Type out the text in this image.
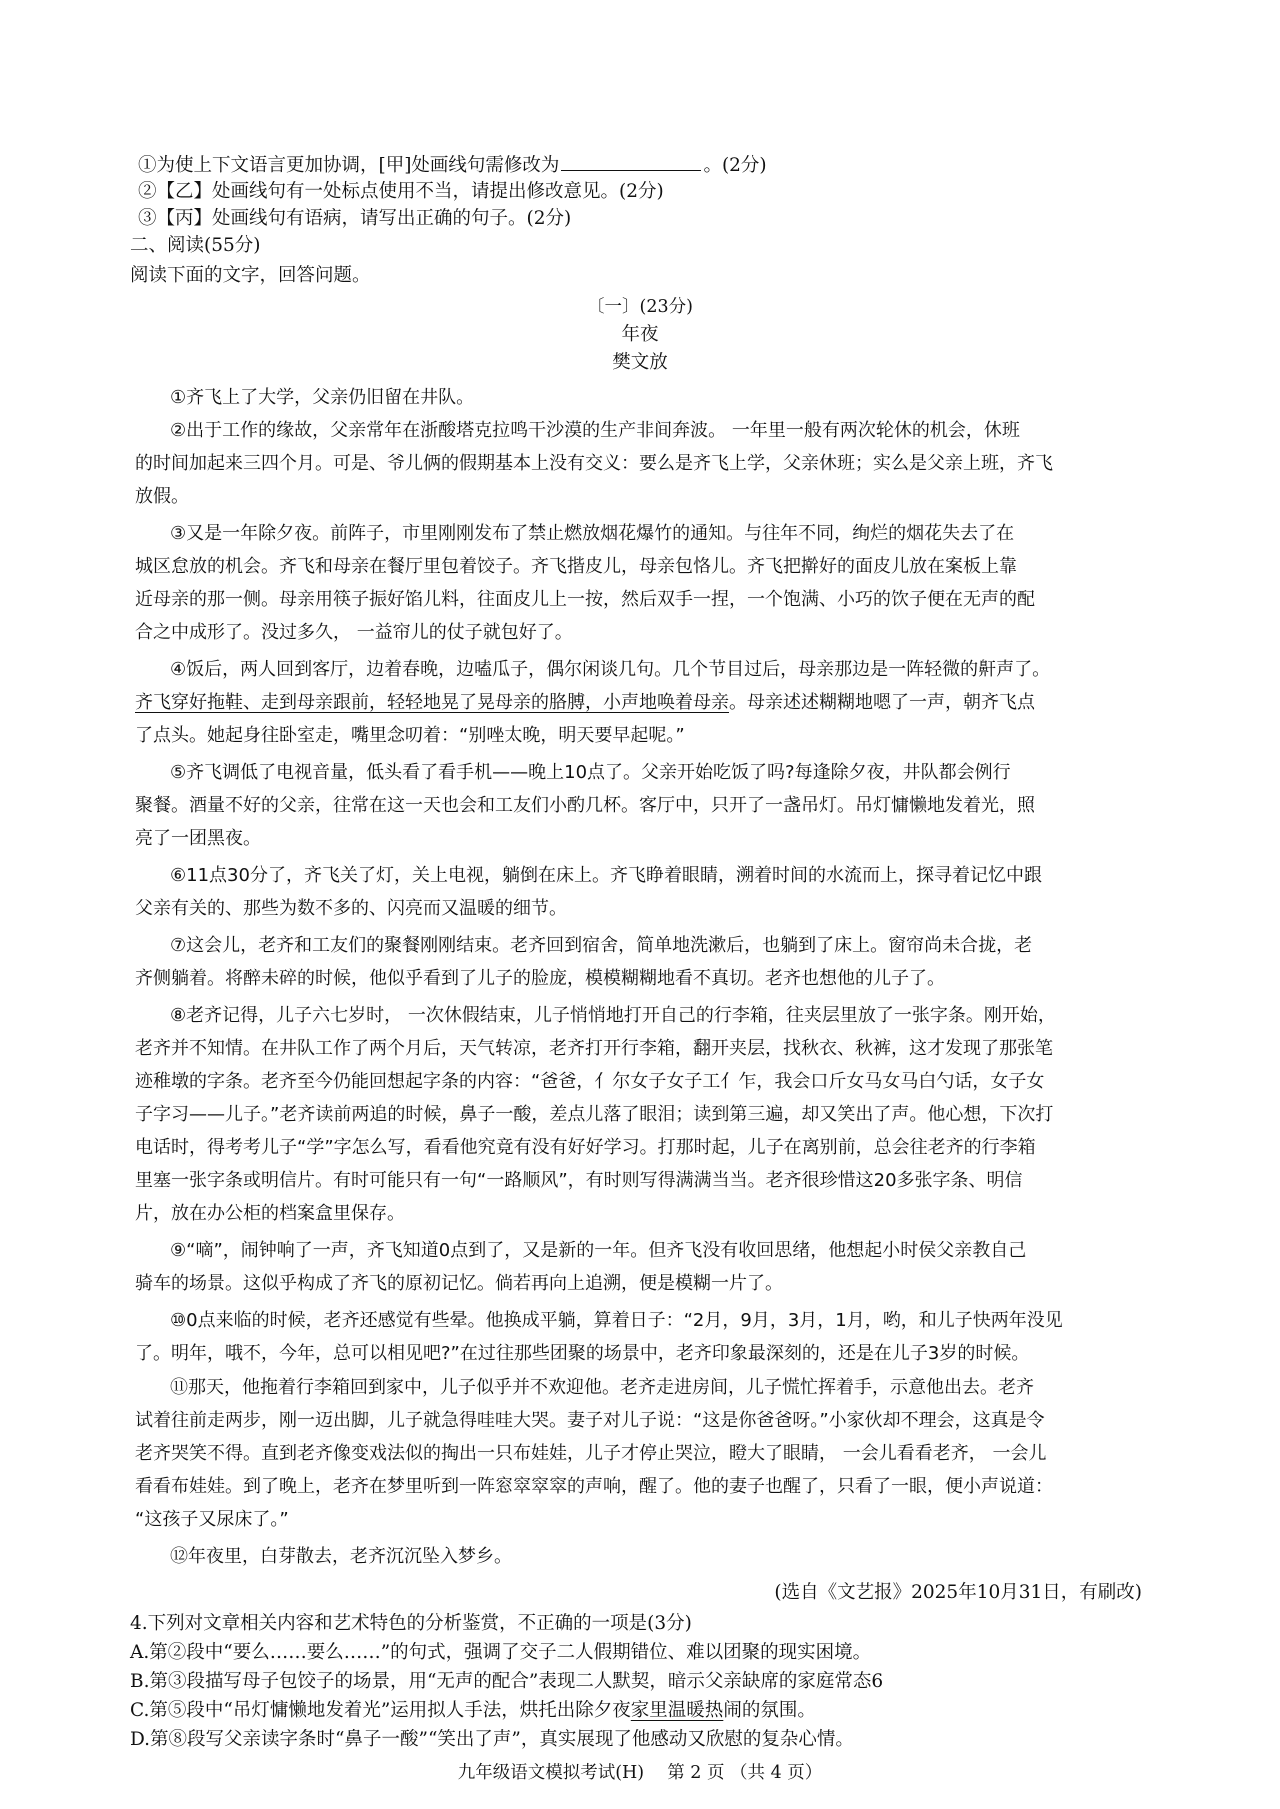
①为使上下文语言更加协调，[甲]处画线句需修改为	。(2分)
②【乙】处画线句有一处标点使用不当，请提出修改意见。(2分)
③【丙】处画线句有语病，请写出正确的句子。(2分)
二、阅读(55分)
阅读下面的文字，回答问题。
〔一〕(23分)
年夜
樊文放
①齐飞上了大学，父亲仍旧留在井队。
②出于工作的缘故，父亲常年在浙酸塔克拉鸣干沙漠的生产非间奔波。 一年里一般有两次轮休的机会，休班
的时间加起来三四个月。可是、爷儿俩的假期基本上没有交义：要么是齐飞上学，父亲休班；实么是父亲上班，齐飞
放假。
③又是一年除夕夜。前阵子，市里刚刚发布了禁止燃放烟花爆竹的通知。与往年不同，绚烂的烟花失去了在
城区怠放的机会。齐飞和母亲在餐厅里包着饺子。齐飞揩皮儿，母亲包恪儿。齐飞把擀好的面皮儿放在案板上靠
近母亲的那一侧。母亲用筷子振好馅儿料，往面皮儿上一按，然后双手一捏，一个饱满、小巧的饮子便在无声的配
合之中成形了。没过多久， 一益帘儿的仗子就包好了。
④饭后，两人回到客厅，边着春晚，边嗑瓜子，偶尔闲谈几句。几个节目过后，母亲那边是一阵轻微的鼾声了。
齐飞穿好拖鞋、走到母亲跟前，轻轻地晃了晃母亲的胳膊，小声地唤着母亲。母亲述述糊糊地嗯了一声，朝齐飞点
了点头。她起身往卧室走，嘴里念叨着：“别唑太晚，明天要早起呢。”
⑤齐飞调低了电视音量，低头看了看手机——晚上10点了。父亲开始吃饭了吗?每逢除夕夜，井队都会例行
聚餐。酒量不好的父亲，往常在这一天也会和工友们小酌几杯。客厅中，只开了一盏吊灯。吊灯慵懒地发着光，照
亮了一团黑夜。
⑥11点30分了，齐飞关了灯，关上电视，躺倒在床上。齐飞睁着眼睛，溯着时间的水流而上，探寻着记忆中跟
父亲有关的、那些为数不多的、闪亮而又温暖的细节。
⑦这会儿，老齐和工友们的聚餐刚刚结束。老齐回到宿舍，简单地洗漱后，也躺到了床上。窗帘尚未合拢，老
齐侧躺着。将醉未碎的时候，他似乎看到了儿子的脸庞，模模糊糊地看不真切。老齐也想他的儿子了。
⑧老齐记得，儿子六七岁时， 一次休假结束，儿子悄悄地打开自己的行李箱，往夹层里放了一张字条。刚开始，
老齐并不知情。在井队工作了两个月后，天气转凉，老齐打开行李箱，翻开夹层，找秋衣、秋裤，这才发现了那张笔
迹稚墩的字条。老齐至今仍能回想起字条的内容：“爸爸，亻尔女子女子工亻乍，我会口斤女马女马白勺话，女子女
子字习——儿子。”老齐读前两追的时候，鼻子一酸，差点儿落了眼泪；读到第三遍，却又笑出了声。他心想，下次打
电话时，得考考儿子“学”字怎么写，看看他究竟有没有好好学习。打那时起，儿子在离别前，总会往老齐的行李箱
里塞一张字条或明信片。有时可能只有一句“一路顺风”，有时则写得满满当当。老齐很珍惜这20多张字条、明信
片，放在办公柜的档案盒里保存。
⑨“嘀”，闹钟响了一声，齐飞知道0点到了，又是新的一年。但齐飞没有收回思绪，他想起小时侯父亲教自己
骑车的场景。这似乎构成了齐飞的原初记忆。倘若再向上追溯，便是模糊一片了。
⑩0点来临的时候，老齐还感觉有些晕。他换成平躺，算着日子：“2月，9月，3月，1月，哟，和儿子快两年没见
了。明年，哦不，今年，总可以相见吧?”在过往那些团聚的场景中，老齐印象最深刻的，还是在儿子3岁的时候。
⑪那天，他拖着行李箱回到家中，儿子似乎并不欢迎他。老齐走进房间，儿子慌忙挥着手，示意他出去。老齐
试着往前走两步，刚一迈出脚，儿子就急得哇哇大哭。妻子对儿子说：“这是你爸爸呀。”小家伙却不理会，这真是令
老齐哭笑不得。直到老齐像变戏法似的掏出一只布娃娃，儿子才停止哭泣，瞪大了眼睛， 一会儿看看老齐， 一会儿
看看布娃娃。到了晚上，老齐在梦里听到一阵窓窣窣窣的声响，醒了。他的妻子也醒了，只看了一眼，便小声说道：
“这孩子又尿床了。”
⑫年夜里，白芽散去，老齐沉沉坠入梦乡。
(选自《文艺报》2025年10月31日，有刷改)
4.下列对文章相关内容和艺术特色的分析鉴赏，不正确的一项是(3分)
A.第②段中“要么……要么……”的句式，强调了交子二人假期错位、难以团聚的现实困境。
B.第③段描写母子包饺子的场景，用“无声的配合”表现二人默契，暗示父亲缺席的家庭常态6
C.第⑤段中“吊灯慵懒地发着光”运用拟人手法，烘托出除夕夜家里温暖热闹的氛围。
D.第⑧段写父亲读字条时“鼻子一酸”“笑出了声”，真实展现了他感动又欣慰的复杂心情。
九年级语文模拟考试(H)　 第 2 页 （共 4 页）
